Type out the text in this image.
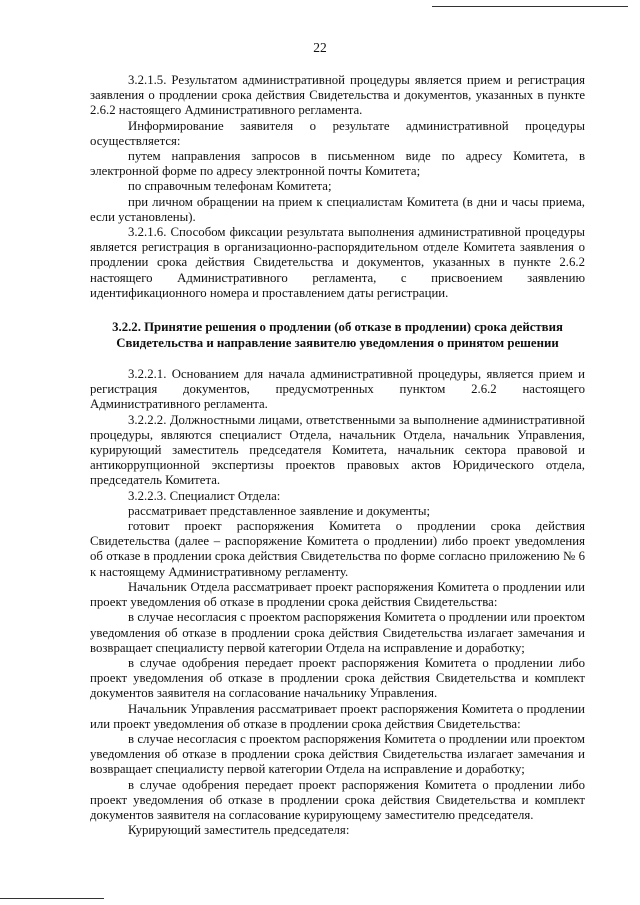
22

3.2.1.5. Результатом административной процедуры является прием и регистрация заявления о продлении срока действия Свидетельства и документов, указанных в пункте 2.6.2 настоящего Административного регламента.

Информирование заявителя о результате административной процедуры осуществляется:

путем направления запросов в письменном виде по адресу Комитета, в электронной форме по адресу электронной почты Комитета;

по справочным телефонам Комитета;

при личном обращении на прием к специалистам Комитета (в дни и часы приема, если установлены).

3.2.1.6. Способом фиксации результата выполнения административной процедуры является регистрация в организационно-распорядительном отделе Комитета заявления о продлении срока действия Свидетельства и документов, указанных в пункте 2.6.2 настоящего Административного регламента, с присвоением заявлению идентификационного номера и проставлением даты регистрации.

3.2.2. Принятие решения о продлении (об отказе в продлении) срока действия Свидетельства и направление заявителю уведомления о принятом решении

3.2.2.1. Основанием для начала административной процедуры, является прием и регистрация документов, предусмотренных пунктом 2.6.2 настоящего Административного регламента.

3.2.2.2. Должностными лицами, ответственными за выполнение административной процедуры, являются специалист Отдела, начальник Отдела, начальник Управления, курирующий заместитель председателя Комитета, начальник сектора правовой и антикоррупционной экспертизы проектов правовых актов Юридического отдела, председатель Комитета.

3.2.2.3. Специалист Отдела:

рассматривает представленное заявление и документы;

готовит проект распоряжения Комитета о продлении срока действия Свидетельства (далее – распоряжение Комитета о продлении) либо проект уведомления об отказе в продлении срока действия Свидетельства по форме согласно приложению № 6 к настоящему Административному регламенту.

Начальник Отдела рассматривает проект распоряжения Комитета о продлении или проект уведомления об отказе в продлении срока действия Свидетельства:

в случае несогласия с проектом распоряжения Комитета о продлении или проектом уведомления об отказе в продлении срока действия Свидетельства излагает замечания и возвращает специалисту первой категории Отдела на исправление и доработку;

в случае одобрения передает проект распоряжения Комитета о продлении либо проект уведомления об отказе в продлении срока действия Свидетельства и комплект документов заявителя на согласование начальнику Управления.

Начальник Управления рассматривает проект распоряжения Комитета о продлении или проект уведомления об отказе в продлении срока действия Свидетельства:

в случае несогласия с проектом распоряжения Комитета о продлении или проектом уведомления об отказе в продлении срока действия Свидетельства излагает замечания и возвращает специалисту первой категории Отдела на исправление и доработку;

в случае одобрения передает проект распоряжения Комитета о продлении либо проект уведомления об отказе в продлении срока действия Свидетельства и комплект документов заявителя на согласование курирующему заместителю председателя.

Курирующий заместитель председателя:
